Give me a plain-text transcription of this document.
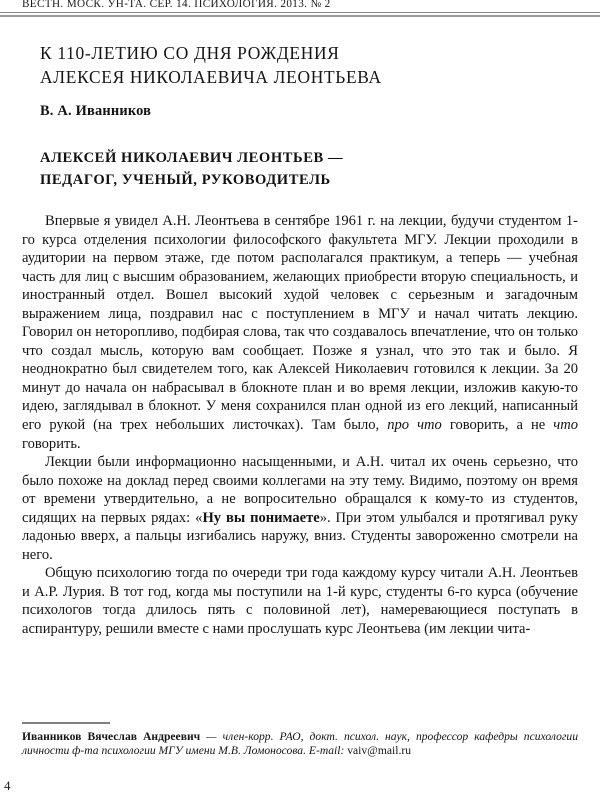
ВЕСТН. МОСК. УН-ТА. СЕР. 14. ПСИХОЛОГИЯ. 2013. № 2
К 110-ЛЕТИЮ СО ДНЯ РОЖДЕНИЯ
АЛЕКСЕЯ НИКОЛАЕВИЧА ЛЕОНТЬЕВА
В. А. Иванников
АЛЕКСЕЙ НИКОЛАЕВИЧ ЛЕОНТЬЕВ —
ПЕДАГОГ, УЧЕНЫЙ, РУКОВОДИТЕЛЬ

Впервые я увидел А.Н. Леонтьева в сентябре 1961 г. на лекции, будучи студентом 1-го курса отделения психологии философского факультета МГУ. Лекции проходили в аудитории на первом этаже, где потом располагался практикум, а теперь — учебная часть для лиц с высшим образованием, желающих приобрести вторую специальность, и иностранный отдел. Вошел высокий худой человек с серьезным и загадочным выражением лица, поздравил нас с поступлением в МГУ и начал читать лекцию. Говорил он неторопливо, подбирая слова, так что создавалось впечатление, что он только что создал мысль, которую вам сообщает. Позже я узнал, что это так и было. Я неоднократно был свидетелем того, как Алексей Николаевич готовился к лекции. За 20 минут до начала он набрасывал в блокноте план и во время лекции, изложив какую-то идею, заглядывал в блокнот. У меня сохранился план одной из его лекций, написанный его рукой (на трех небольших листочках). Там было, про что говорить, а не что говорить.

Лекции были информационно насыщенными, и А.Н. читал их очень серьезно, что было похоже на доклад перед своими коллегами на эту тему. Видимо, поэтому он время от времени утвердительно, а не вопросительно обращался к кому-то из студентов, сидящих на первых рядах: «Ну вы понимаете». При этом улыбался и протягивал руку ладонью вверх, а пальцы изгибались наружу, вниз. Студенты завороженно смотрели на него.

Общую психологию тогда по очереди три года каждому курсу читали А.Н. Леонтьев и А.Р. Лурия. В тот год, когда мы поступили на 1-й курс, студенты 6-го курса (обучение психологов тогда длилось пять с половиной лет), намеревающиеся поступать в аспирантуру, решили вместе с нами прослушать курс Леонтьева (им лекции чита-

Иванников Вячеслав Андреевич — член-корр. РАО, докт. психол. наук, профессор кафедры психологии личности ф-та психологии МГУ имени М.В. Ломоносова. E-mail: vaiv@mail.ru
4
